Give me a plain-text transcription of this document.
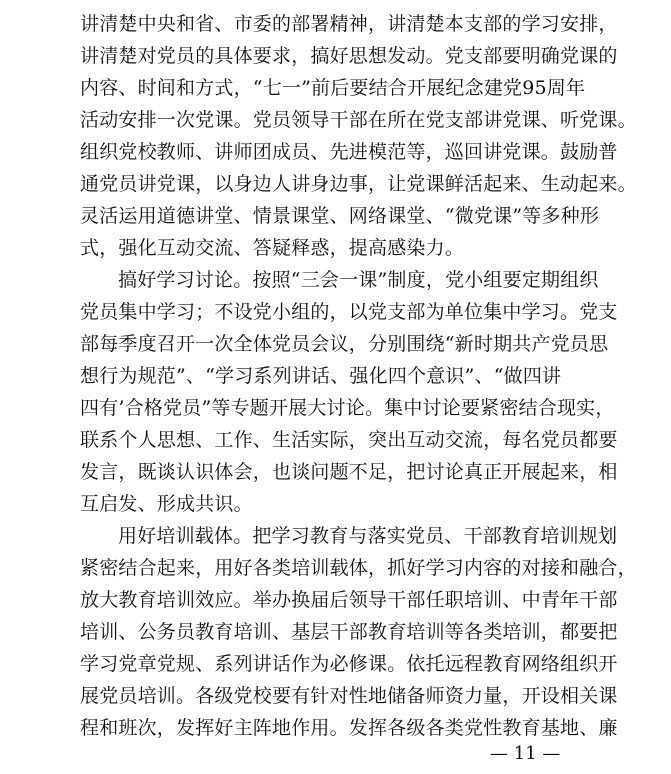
讲清楚中央和省、市委的部署精神，讲清楚本支部的学习安排，
讲清楚对党员的具体要求，搞好思想发动。党支部要明确党课的
内容、时间和方式，“七一”前后要结合开展纪念建党95周年
活动安排一次党课。党员领导干部在所在党支部讲党课、听党课。
组织党校教师、讲师团成员、先进模范等，巡回讲党课。鼓励普
通党员讲党课，以身边人讲身边事，让党课鲜活起来、生动起来。
灵活运用道德讲堂、情景课堂、网络课堂、“微党课”等多种形
式，强化互动交流、答疑释惑，提高感染力。
搞好学习讨论。按照“三会一课”制度，党小组要定期组织
党员集中学习；不设党小组的，以党支部为单位集中学习。党支
部每季度召开一次全体党员会议，分别围绕“新时期共产党员思
想行为规范”、“学习系列讲话、强化四个意识”、“做四讲
四有’合格党员”等专题开展大讨论。集中讨论要紧密结合现实，
联系个人思想、工作、生活实际，突出互动交流，每名党员都要
发言，既谈认识体会，也谈问题不足，把讨论真正开展起来，相
互启发、形成共识。
用好培训载体。把学习教育与落实党员、干部教育培训规划
紧密结合起来，用好各类培训载体，抓好学习内容的对接和融合，
放大教育培训效应。举办换届后领导干部任职培训、中青年干部
培训、公务员教育培训、基层干部教育培训等各类培训，都要把
学习党章党规、系列讲话作为必修课。依托远程教育网络组织开
展党员培训。各级党校要有针对性地储备师资力量，开设相关课
程和班次，发挥好主阵地作用。发挥各级各类党性教育基地、廉
— 11 —
